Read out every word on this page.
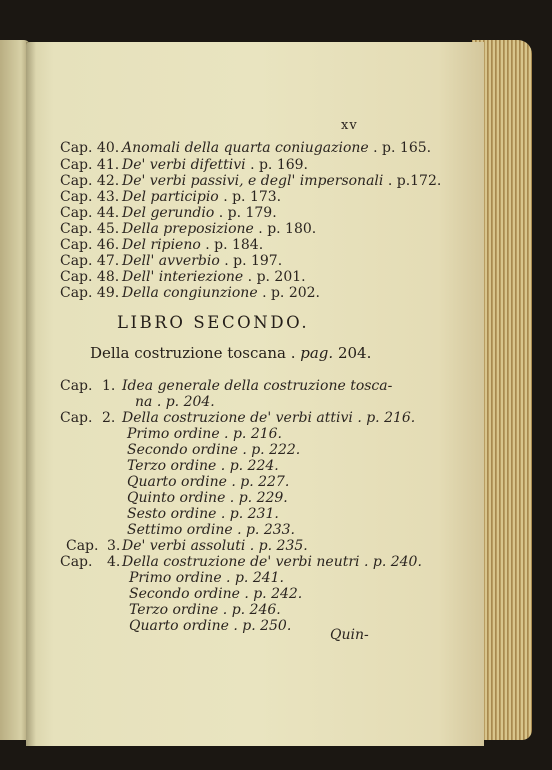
xv
Cap. 40. Anomali della quarta coniugazione . p. 165.
Cap. 41. De' verbi difettivi . p. 169.
Cap. 42. De' verbi passivi, e degl' impersonali . p.172.
Cap. 43. Del participio . p. 173.
Cap. 44. Del gerundio . p. 179.
Cap. 45. Della preposizione . p. 180.
Cap. 46. Del ripieno . p. 184.
Cap. 47. Dell' avverbio . p. 197.
Cap. 48. Dell' interiezione . p. 201.
Cap. 49. Della congiunzione . p. 202.
LIBRO SECONDO.
Della costruzione toscana . pag. 204.
Cap. 1. Idea generale della costruzione tosca-
na . p. 204.
Cap. 2. Della costruzione de' verbi attivi . p. 216.
Primo ordine . p. 216.
Secondo ordine . p. 222.
Terzo ordine . p. 224.
Quarto ordine . p. 227.
Quinto ordine . p. 229.
Sesto ordine . p. 231.
Settimo ordine . p. 233.
Cap. 3. De' verbi assoluti . p. 235.
Cap. 4. Della costruzione de' verbi neutri . p. 240.
Primo ordine . p. 241.
Secondo ordine . p. 242.
Terzo ordine . p. 246.
Quarto ordine . p. 250.
Quin-
